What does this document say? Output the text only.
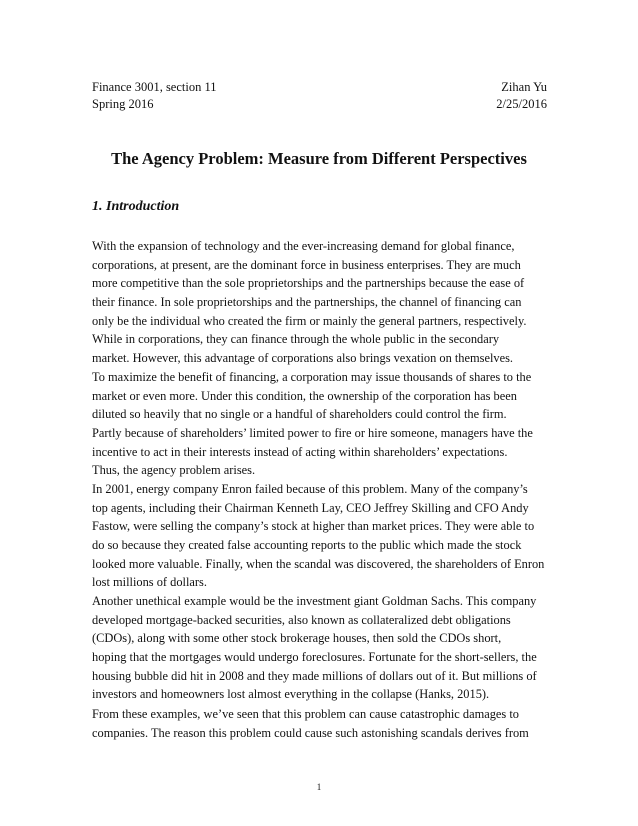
Finance 3001, section 11	Zihan Yu
Spring 2016	2/25/2016
The Agency Problem: Measure from Different Perspectives
1. Introduction
With the expansion of technology and the ever-increasing demand for global finance,
corporations, at present, are the dominant force in business enterprises. They are much
more competitive than the sole proprietorships and the partnerships because the ease of
their finance. In sole proprietorships and the partnerships, the channel of financing can
only be the individual who created the firm or mainly the general partners, respectively.
While in corporations, they can finance through the whole public in the secondary
market. However, this advantage of corporations also brings vexation on themselves.
To maximize the benefit of financing, a corporation may issue thousands of shares to the
market or even more. Under this condition, the ownership of the corporation has been
diluted so heavily that no single or a handful of shareholders could control the firm.
Partly because of shareholders’ limited power to fire or hire someone, managers have the
incentive to act in their interests instead of acting within shareholders’ expectations.
Thus, the agency problem arises.
In 2001, energy company Enron failed because of this problem. Many of the company’s
top agents, including their Chairman Kenneth Lay, CEO Jeffrey Skilling and CFO Andy
Fastow, were selling the company’s stock at higher than market prices. They were able to
do so because they created false accounting reports to the public which made the stock
looked more valuable. Finally, when the scandal was discovered, the shareholders of Enron
lost millions of dollars.
Another unethical example would be the investment giant Goldman Sachs. This company
developed mortgage-backed securities, also known as collateralized debt obligations
(CDOs), along with some other stock brokerage houses, then sold the CDOs short,
hoping that the mortgages would undergo foreclosures. Fortunate for the short-sellers, the
housing bubble did hit in 2008 and they made millions of dollars out of it. But millions of
investors and homeowners lost almost everything in the collapse (Hanks, 2015).
From these examples, we’ve seen that this problem can cause catastrophic damages to
companies. The reason this problem could cause such astonishing scandals derives from
1
